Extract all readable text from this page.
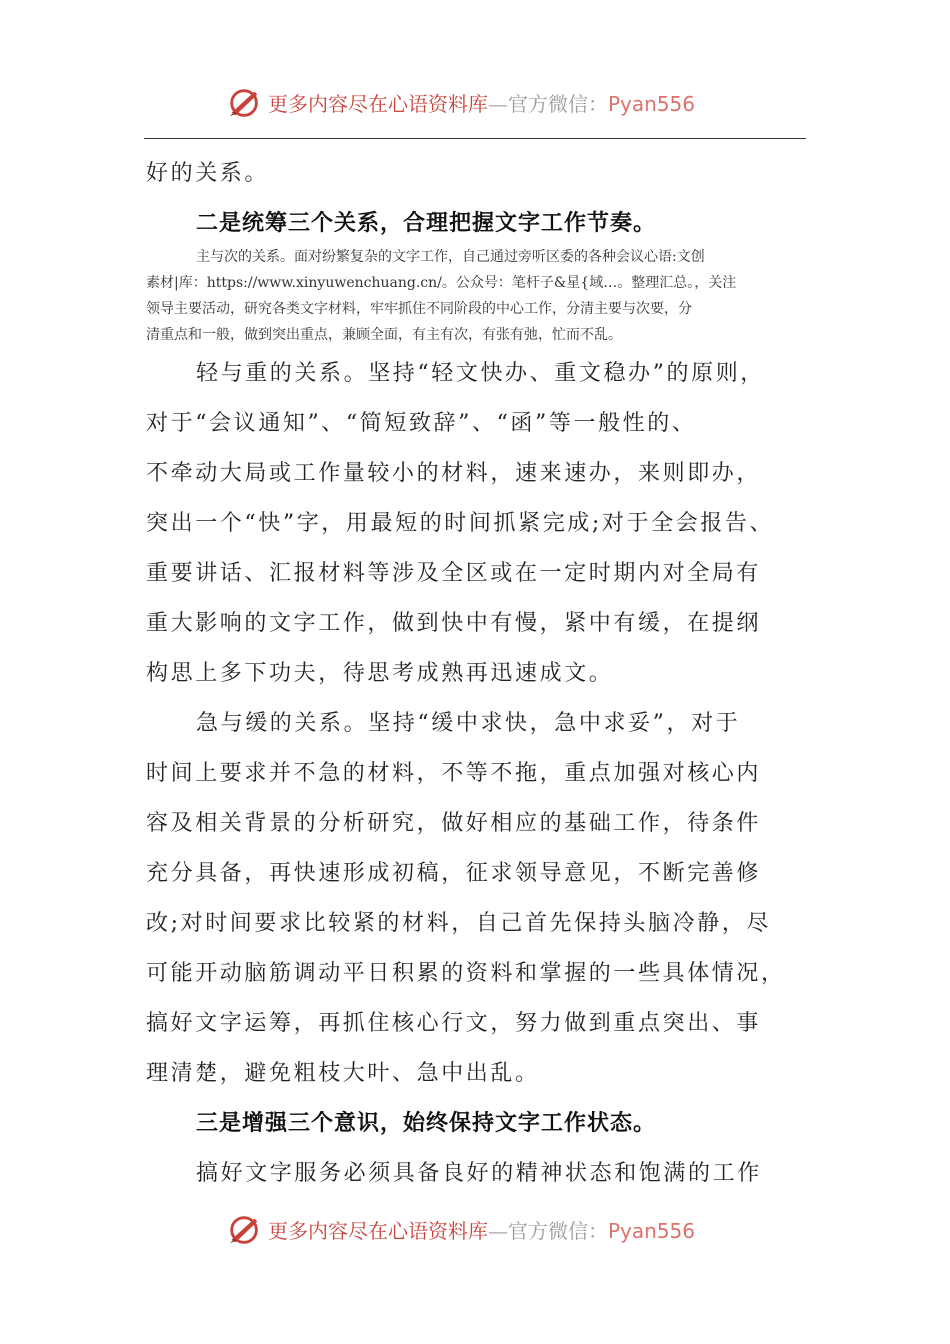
更多内容尽在心语资料库—官方微信：Pyan556
好的关系。
二是统筹三个关系，合理把握文字工作节奏。
主与次的关系。面对纷繁复杂的文字工作，自己通过旁听区委的各种会议心语:文创
素材|库：https://www.xinyuwenchuang.cn/。公众号：笔杆子&星{域…。整理汇总。，关注
领导主要活动，研究各类文字材料，牢牢抓住不同阶段的中心工作，分清主要与次要，分
清重点和一般，做到突出重点，兼顾全面，有主有次，有张有弛，忙而不乱。
轻与重的关系。坚持“轻文快办、重文稳办”的原则，
对于“会议通知”、“简短致辞”、“函”等一般性的、
不牵动大局或工作量较小的材料，速来速办，来则即办，
突出一个“快”字，用最短的时间抓紧完成;对于全会报告、
重要讲话、汇报材料等涉及全区或在一定时期内对全局有
重大影响的文字工作，做到快中有慢，紧中有缓，在提纲
构思上多下功夫，待思考成熟再迅速成文。
急与缓的关系。坚持“缓中求快，急中求妥”，对于
时间上要求并不急的材料，不等不拖，重点加强对核心内
容及相关背景的分析研究，做好相应的基础工作，待条件
充分具备，再快速形成初稿，征求领导意见，不断完善修
改;对时间要求比较紧的材料，自己首先保持头脑冷静，尽
可能开动脑筋调动平日积累的资料和掌握的一些具体情况，
搞好文字运筹，再抓住核心行文，努力做到重点突出、事
理清楚，避免粗枝大叶、急中出乱。
三是增强三个意识，始终保持文字工作状态。
搞好文字服务必须具备良好的精神状态和饱满的工作
更多内容尽在心语资料库—官方微信：Pyan556
